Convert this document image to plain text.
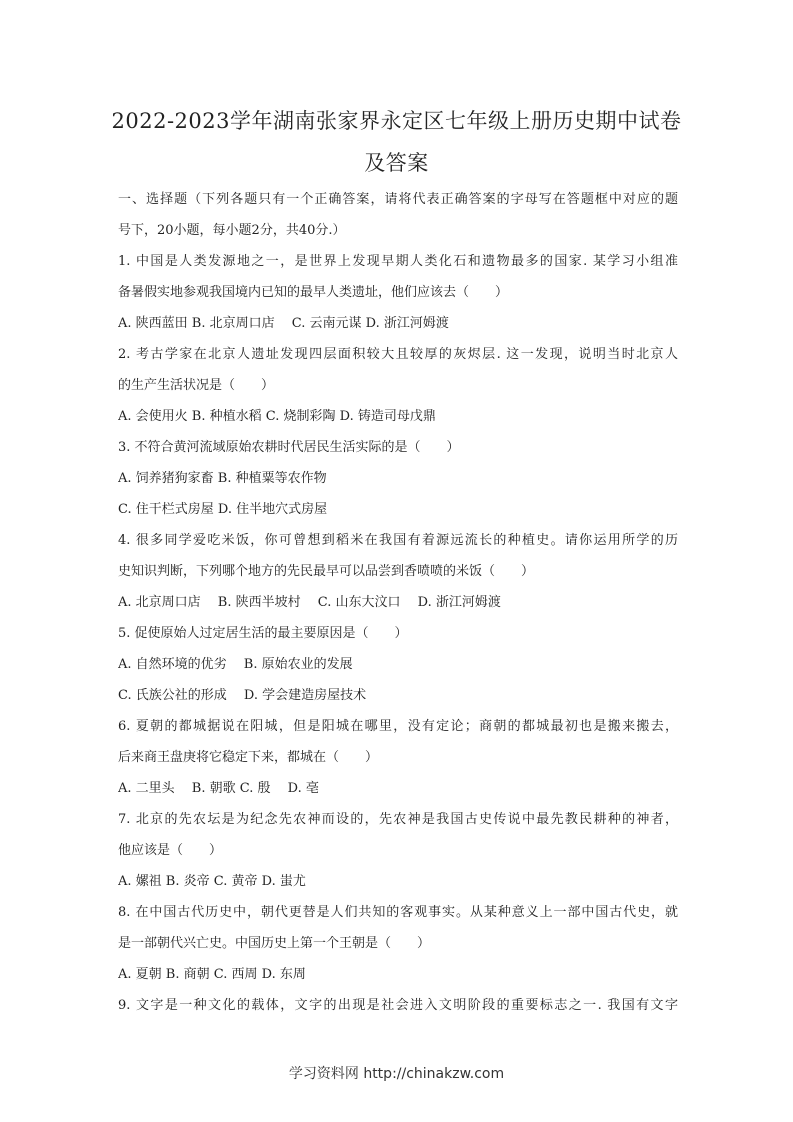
2022-2023学年湖南张家界永定区七年级上册历史期中试卷
及答案
一、选择题（下列各题只有一个正确答案，请将代表正确答案的字母写在答题框中对应的题
号下，20小题，每小题2分，共40分.）
1. 中国是人类发源地之一，是世界上发现早期人类化石和遗物最多的国家. 某学习小组准
备暑假实地参观我国境内已知的最早人类遗址，他们应该去（　　）
A. 陕西蓝田 B. 北京周口店　 C. 云南元谋 D. 浙江河姆渡
2. 考古学家在北京人遗址发现四层面积较大且较厚的灰烬层. 这一发现，说明当时北京人
的生产生活状况是（　　）
A. 会使用火 B. 种植水稻 C. 烧制彩陶 D. 铸造司母戊鼎
3. 不符合黄河流域原始农耕时代居民生活实际的是（　　）
A. 饲养猪狗家畜 B. 种植粟等农作物
C. 住干栏式房屋 D. 住半地穴式房屋
4. 很多同学爱吃米饭，你可曾想到稻米在我国有着源远流长的种植史。请你运用所学的历
史知识判断，下列哪个地方的先民最早可以品尝到香喷喷的米饭（　　）
A. 北京周口店　 B. 陕西半坡村　 C. 山东大汶口　 D. 浙江河姆渡
5. 促使原始人过定居生活的最主要原因是（　　）
A. 自然环境的优劣　 B. 原始农业的发展
C. 氏族公社的形成　 D. 学会建造房屋技术
6. 夏朝的都城据说在阳城，但是阳城在哪里，没有定论；商朝的都城最初也是搬来搬去，
后来商王盘庚将它稳定下来，都城在（　　）
A. 二里头　 B. 朝歌 C. 殷　 D. 亳
7. 北京的先农坛是为纪念先农神而设的，先农神是我国古史传说中最先教民耕种的神者，
他应该是（　　）
A. 嫘祖 B. 炎帝 C. 黄帝 D. 蚩尤
8. 在中国古代历史中，朝代更替是人们共知的客观事实。从某种意义上一部中国古代史，就
是一部朝代兴亡史。中国历史上第一个王朝是（　　）
A. 夏朝 B. 商朝 C. 西周 D. 东周
9. 文字是一种文化的载体，文字的出现是社会进入文明阶段的重要标志之一. 我国有文字
学习资料网 http://chinakzw.com
